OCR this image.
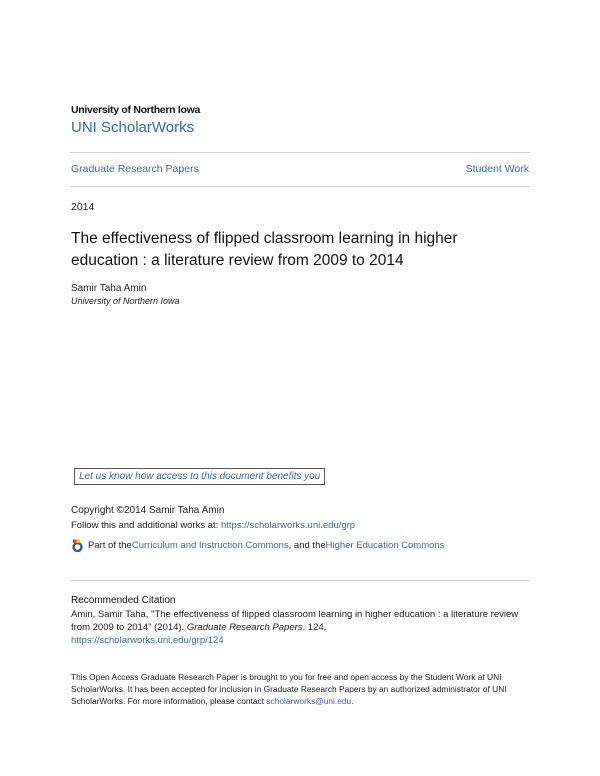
University of Northern Iowa
UNI ScholarWorks
Graduate Research Papers	Student Work
2014
The effectiveness of flipped classroom learning in higher education : a literature review from 2009 to 2014
Samir Taha Amin
University of Northern Iowa
Let us know how access to this document benefits you
Copyright ©2014 Samir Taha Amin
Follow this and additional works at: https://scholarworks.uni.edu/grp
Part of the Curriculum and Instruction Commons , and the Higher Education Commons
Recommended Citation
Amin, Samir Taha, "The effectiveness of flipped classroom learning in higher education : a literature review from 2009 to 2014" (2014). Graduate Research Papers. 124.
https://scholarworks.uni.edu/grp/124
This Open Access Graduate Research Paper is brought to you for free and open access by the Student Work at UNI ScholarWorks. It has been accepted for inclusion in Graduate Research Papers by an authorized administrator of UNI ScholarWorks. For more information, please contact scholarworks@uni.edu.
